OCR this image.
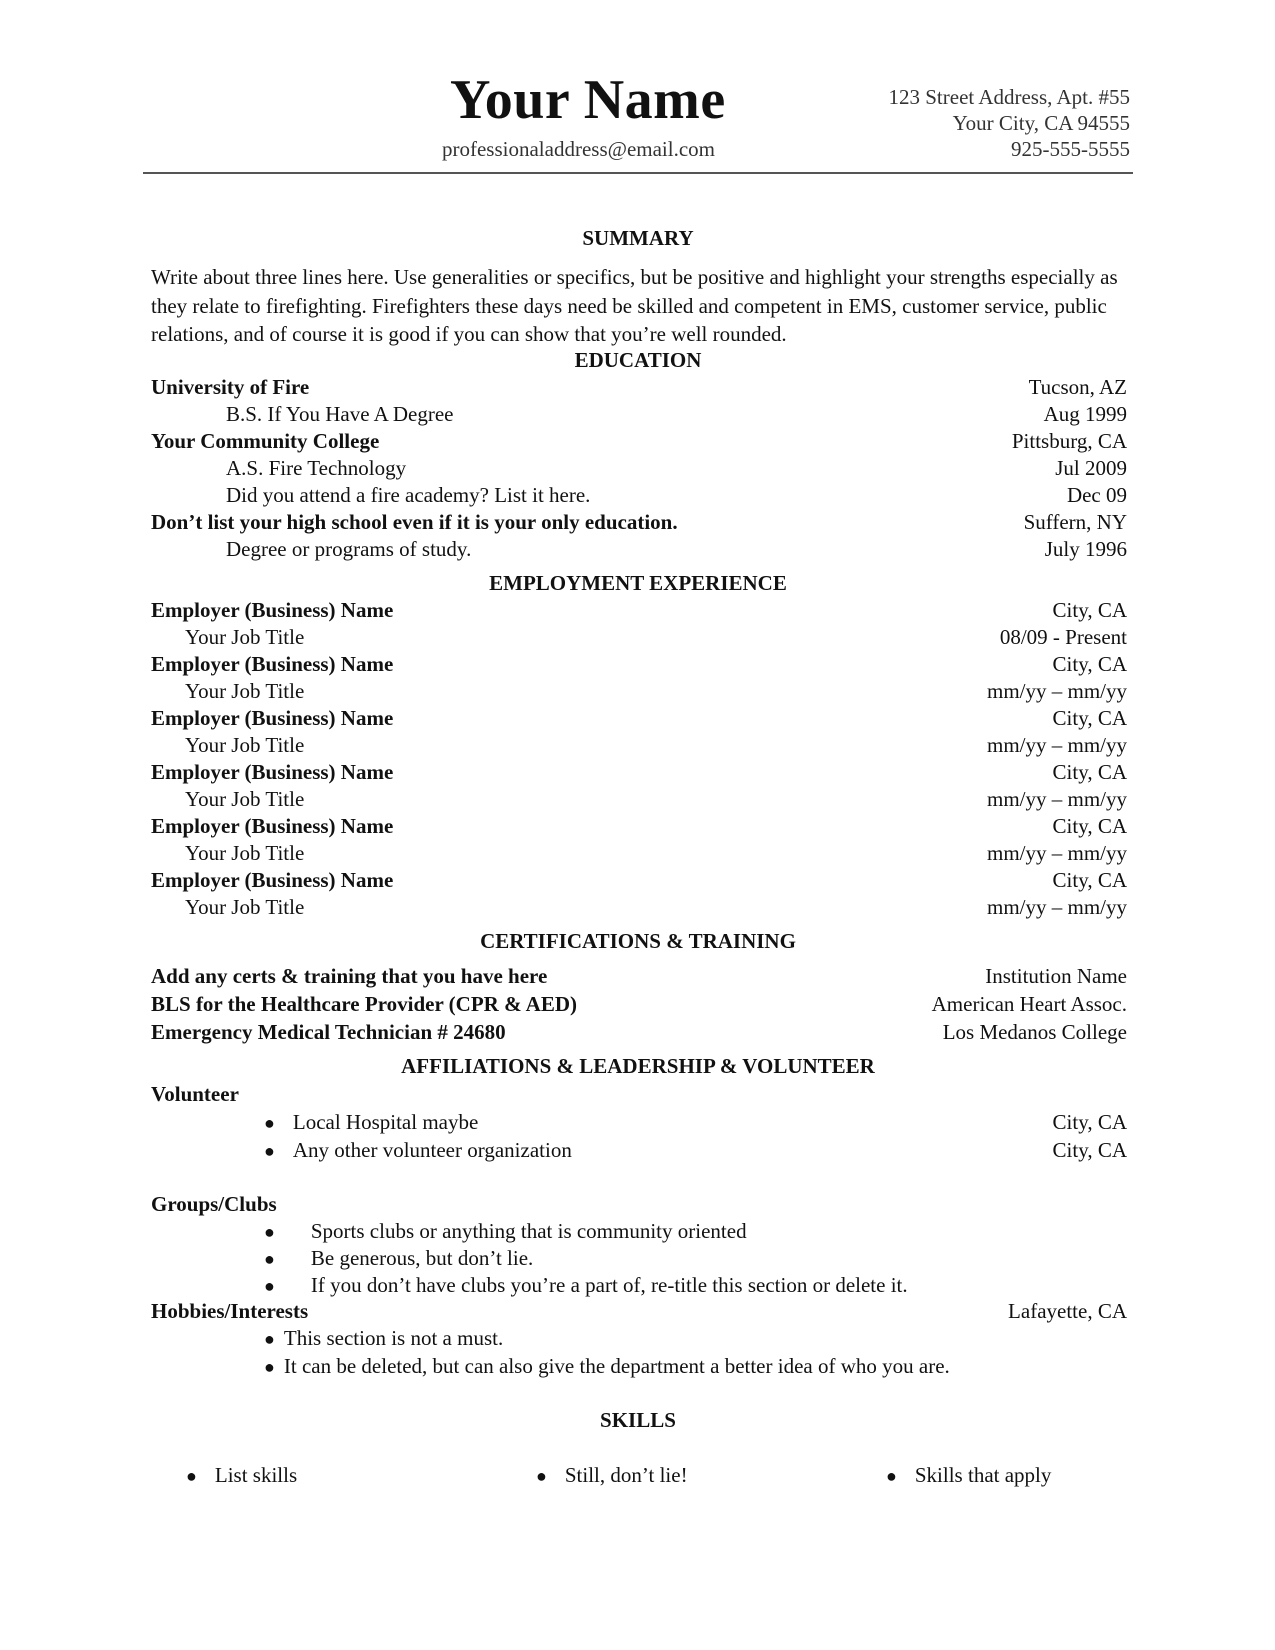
Your Name
professionaladdress@email.com
123 Street Address, Apt. #55
Your City, CA 94555
925-555-5555
SUMMARY
Write about three lines here. Use generalities or specifics, but be positive and highlight your strengths especially as they relate to firefighting. Firefighters these days need be skilled and competent in EMS, customer service, public relations, and of course it is good if you can show that you’re well rounded.
EDUCATION
University of Fire	Tucson, AZ
B.S. If You Have A Degree	Aug 1999
Your Community College	Pittsburg, CA
A.S. Fire Technology	Jul 2009
Did you attend a fire academy? List it here.	Dec 09
Don’t list your high school even if it is your only education.	Suffern, NY
Degree or programs of study.	July 1996
EMPLOYMENT EXPERIENCE
Employer (Business) Name	City, CA
Your Job Title	08/09 - Present
Employer (Business) Name	City, CA
Your Job Title	mm/yy – mm/yy
Employer (Business) Name	City, CA
Your Job Title	mm/yy – mm/yy
Employer (Business) Name	City, CA
Your Job Title	mm/yy – mm/yy
Employer (Business) Name	City, CA
Your Job Title	mm/yy – mm/yy
Employer (Business) Name	City, CA
Your Job Title	mm/yy – mm/yy
CERTIFICATIONS & TRAINING
Add any certs & training that you have here	Institution Name
BLS for the Healthcare Provider (CPR & AED)	American Heart Assoc.
Emergency Medical Technician # 24680	Los Medanos College
AFFILIATIONS & LEADERSHIP & VOLUNTEER
Volunteer
● Local Hospital maybe	City, CA
● Any other volunteer organization	City, CA
Groups/Clubs
● Sports clubs or anything that is community oriented
● Be generous, but don’t lie.
● If you don’t have clubs you’re a part of, re-title this section or delete it.
Hobbies/Interests	Lafayette, CA
● This section is not a must.
● It can be deleted, but can also give the department a better idea of who you are.
SKILLS
● List skills	● Still, don’t lie!	● Skills that apply
